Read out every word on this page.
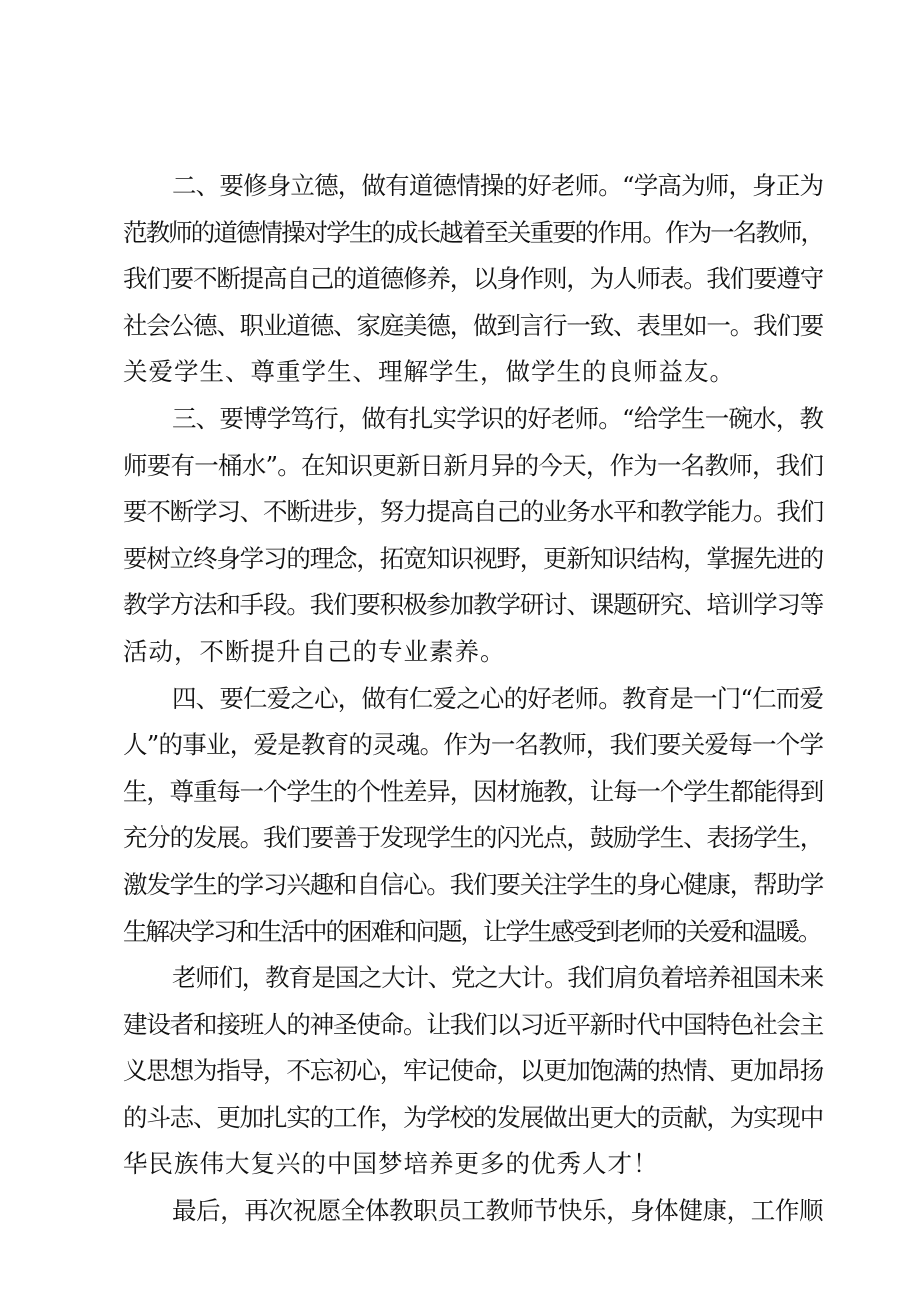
二、要修身立德，做有道德情操的好老师。“学高为师，身正为
范教师的道德情操对学生的成长越着至关重要的作用。作为一名教师，
我们要不断提高自己的道德修养，以身作则，为人师表。我们要遵守
社会公德、职业道德、家庭美德，做到言行一致、表里如一。我们要
关爱学生、尊重学生、理解学生，做学生的良师益友。
三、要博学笃行，做有扎实学识的好老师。“给学生一碗水，教
师要有一桶水”。在知识更新日新月异的今天，作为一名教师，我们
要不断学习、不断进步，努力提高自己的业务水平和教学能力。我们
要树立终身学习的理念，拓宽知识视野，更新知识结构，掌握先进的
教学方法和手段。我们要积极参加教学研讨、课题研究、培训学习等
活动，不断提升自己的专业素养。
四、要仁爱之心，做有仁爱之心的好老师。教育是一门“仁而爱
人”的事业，爱是教育的灵魂。作为一名教师，我们要关爱每一个学
生，尊重每一个学生的个性差异，因材施教，让每一个学生都能得到
充分的发展。我们要善于发现学生的闪光点，鼓励学生、表扬学生，
激发学生的学习兴趣和自信心。我们要关注学生的身心健康，帮助学
生解决学习和生活中的困难和问题，让学生感受到老师的关爱和温暖。
老师们，教育是国之大计、党之大计。我们肩负着培养祖国未来
建设者和接班人的神圣使命。让我们以习近平新时代中国特色社会主
义思想为指导，不忘初心，牢记使命，以更加饱满的热情、更加昂扬
的斗志、更加扎实的工作，为学校的发展做出更大的贡献，为实现中
华民族伟大复兴的中国梦培养更多的优秀人才！
最后，再次祝愿全体教职员工教师节快乐，身体健康，工作顺
